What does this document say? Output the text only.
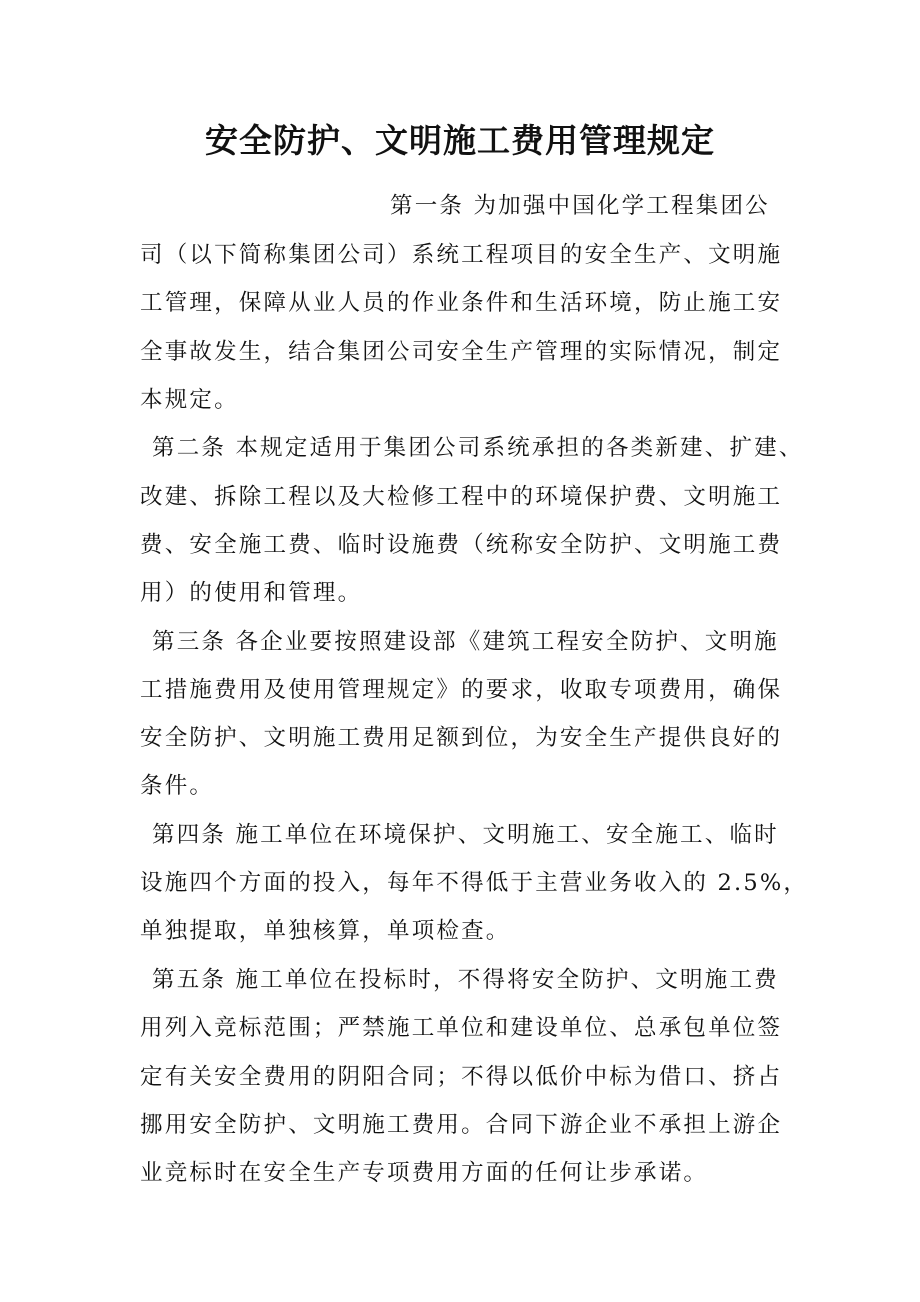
安全防护、文明施工费用管理规定
第一条 为加强中国化学工程集团公
司（以下简称集团公司）系统工程项目的安全生产、文明施
工管理，保障从业人员的作业条件和生活环境，防止施工安
全事故发生，结合集团公司安全生产管理的实际情况，制定
本规定。
第二条 本规定适用于集团公司系统承担的各类新建、扩建、
改建、拆除工程以及大检修工程中的环境保护费、文明施工
费、安全施工费、临时设施费（统称安全防护、文明施工费
用）的使用和管理。
第三条 各企业要按照建设部《建筑工程安全防护、文明施
工措施费用及使用管理规定》的要求，收取专项费用，确保
安全防护、文明施工费用足额到位，为安全生产提供良好的
条件。
第四条 施工单位在环境保护、文明施工、安全施工、临时
设施四个方面的投入，每年不得低于主营业务收入的 2.5%，
单独提取，单独核算，单项检查。
第五条 施工单位在投标时，不得将安全防护、文明施工费
用列入竞标范围；严禁施工单位和建设单位、总承包单位签
定有关安全费用的阴阳合同；不得以低价中标为借口、挤占
挪用安全防护、文明施工费用。合同下游企业不承担上游企
业竞标时在安全生产专项费用方面的任何让步承诺。
